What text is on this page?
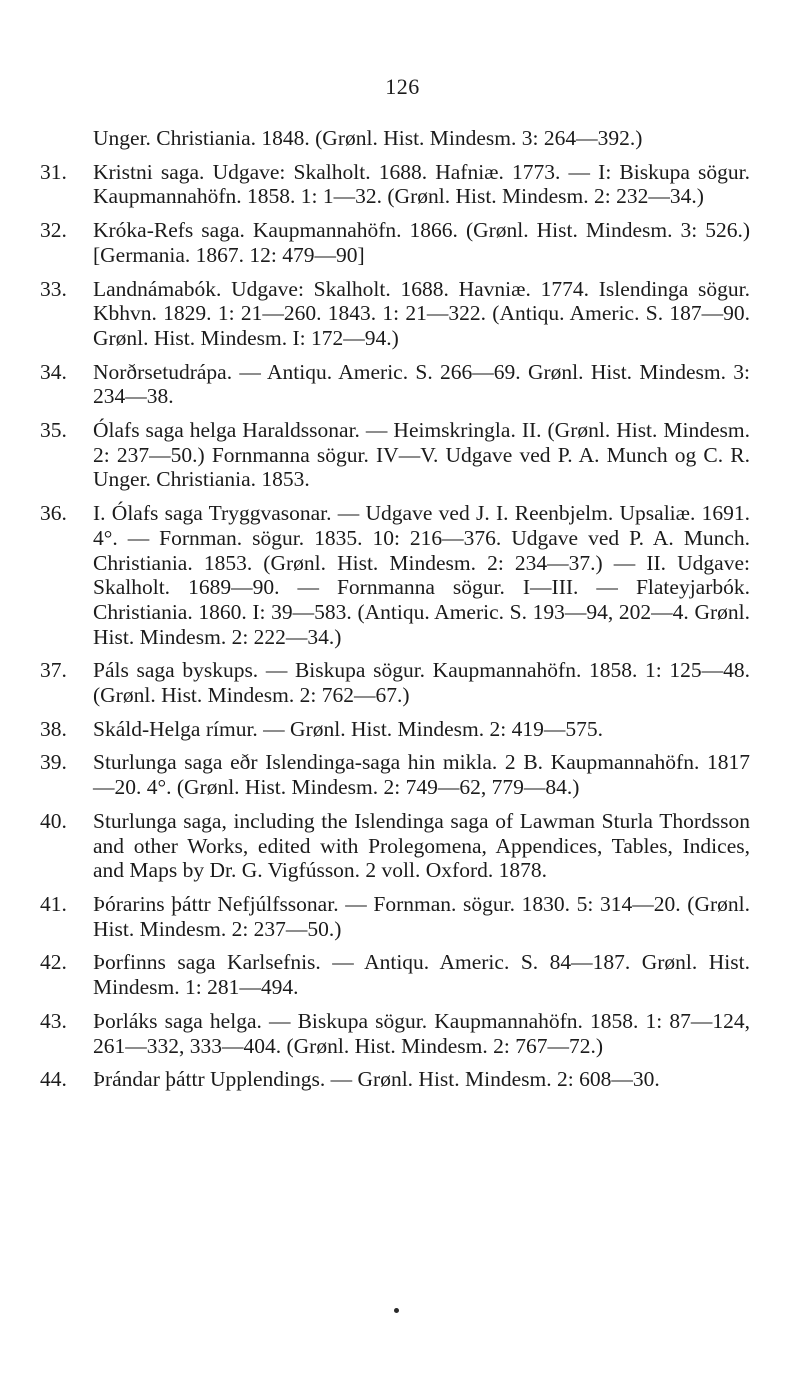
126
Unger. Christiania. 1848. (Grønl. Hist. Mindesm. 3: 264—392.)
31.	Kristni saga. Udgave: Skalholt. 1688. Hafniæ. 1773. — I: Biskupa sögur. Kaupmannahöfn. 1858. 1: 1—32. (Grønl. Hist. Mindesm. 2: 232—34.)
32.	Króka-Refs saga. Kaupmannahöfn. 1866. (Grønl. Hist. Mindesm. 3: 526.) [Germania. 1867. 12: 479—90]
33.	Landnámabók. Udgave: Skalholt. 1688. Havniæ. 1774. Islendinga sögur. Kbhvn. 1829. 1: 21—260. 1843. 1: 21—322. (Antiqu. Americ. S. 187—90. Grønl. Hist. Mindesm. I: 172—94.)
34.	Norðrsetudrápa. — Antiqu. Americ. S. 266—69. Grønl. Hist. Mindesm. 3: 234—38.
35.	Ólafs saga helga Haraldssonar. — Heimskringla. II. (Grønl. Hist. Mindesm. 2: 237—50.) Fornmanna sögur. IV—V. Udgave ved P. A. Munch og C. R. Unger. Christiania. 1853.
36.	I. Ólafs saga Tryggvasonar. — Udgave ved J. I. Reenbjelm. Upsaliæ. 1691. 4°. — Fornman. sögur. 1835. 10: 216—376. Udgave ved P. A. Munch. Christiania. 1853. (Grønl. Hist. Mindesm. 2: 234—37.) — II. Udgave: Skalholt. 1689—90. — Fornmanna sögur. I—III. — Flateyjarbók. Christiania. 1860. I: 39—583. (Antiqu. Americ. S. 193—94, 202—4. Grønl. Hist. Mindesm. 2: 222—34.)
37.	Páls saga byskups. — Biskupa sögur. Kaupmannahöfn. 1858. 1: 125—48. (Grønl. Hist. Mindesm. 2: 762—67.)
38.	Skáld-Helga rímur. — Grønl. Hist. Mindesm. 2: 419—575.
39.	Sturlunga saga eðr Islendinga-saga hin mikla. 2 B. Kaupmannahöfn. 1817—20. 4°. (Grønl. Hist. Mindesm. 2: 749—62, 779—84.)
40.	Sturlunga saga, including the Islendinga saga of Lawman Sturla Thordsson and other Works, edited with Prolegomena, Appendices, Tables, Indices, and Maps by Dr. G. Vigfússon. 2 voll. Oxford. 1878.
41.	Þórarins þáttr Nefjúlfssonar. — Fornman. sögur. 1830. 5: 314—20. (Grønl. Hist. Mindesm. 2: 237—50.)
42.	Þorfinns saga Karlsefnis. — Antiqu. Americ. S. 84—187. Grønl. Hist. Mindesm. 1: 281—494.
43.	Þorláks saga helga. — Biskupa sögur. Kaupmannahöfn. 1858. 1: 87—124, 261—332, 333—404. (Grønl. Hist. Mindesm. 2: 767—72.)
44.	Þrándar þáttr Upplendings. — Grønl. Hist. Mindesm. 2: 608—30.
